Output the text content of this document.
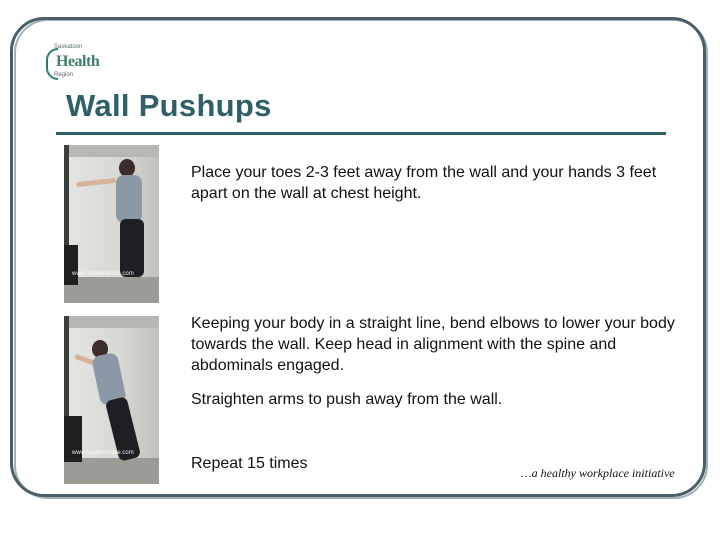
Saskatoon
Health
Region
Wall Pushups
www.SparkPeople.com
www.SparkPeople.com

Place your toes 2-3 feet away from the wall and your hands 3 feet apart on the wall at chest height.

Keeping your body in a straight line, bend elbows to lower your body towards the wall. Keep head in alignment with the spine and abdominals engaged.

Straighten arms to push away from the wall.

Repeat 15 times

…a healthy workplace initiative
